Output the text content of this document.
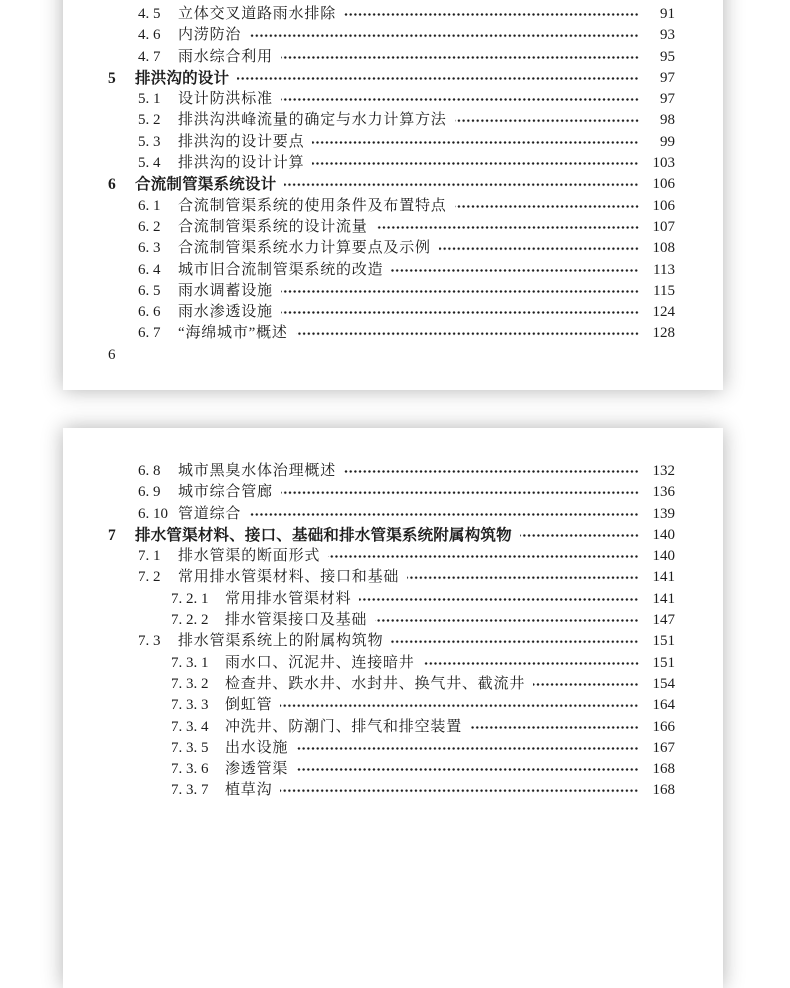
4. 5	立体交叉道路雨水排除	91
4. 6	内涝防治	93
4. 7	雨水综合利用	95
5	排洪沟的设计	97
5. 1	设计防洪标准	97
5. 2	排洪沟洪峰流量的确定与水力计算方法	98
5. 3	排洪沟的设计要点	99
5. 4	排洪沟的设计计算	103
6	合流制管渠系统设计	106
6. 1	合流制管渠系统的使用条件及布置特点	106
6. 2	合流制管渠系统的设计流量	107
6. 3	合流制管渠系统水力计算要点及示例	108
6. 4	城市旧合流制管渠系统的改造	113
6. 5	雨水调蓄设施	115
6. 6	雨水渗透设施	124
6. 7	“海绵城市”概述	128
6
6. 8	城市黑臭水体治理概述	132
6. 9	城市综合管廊	136
6. 10 管道综合	139
7	排水管渠材料、接口、基础和排水管渠系统附属构筑物	140
7. 1	排水管渠的断面形式	140
7. 2	常用排水管渠材料、接口和基础	141
7. 2. 1	常用排水管渠材料	141
7. 2. 2	排水管渠接口及基础	147
7. 3	排水管渠系统上的附属构筑物	151
7. 3. 1	雨水口、沉泥井、连接暗井	151
7. 3. 2	检查井、跌水井、水封井、换气井、截流井	154
7. 3. 3	倒虹管	164
7. 3. 4	冲洗井、防潮门、排气和排空装置	166
7. 3. 5	出水设施	167
7. 3. 6	渗透管渠	168
7. 3. 7	植草沟	168
